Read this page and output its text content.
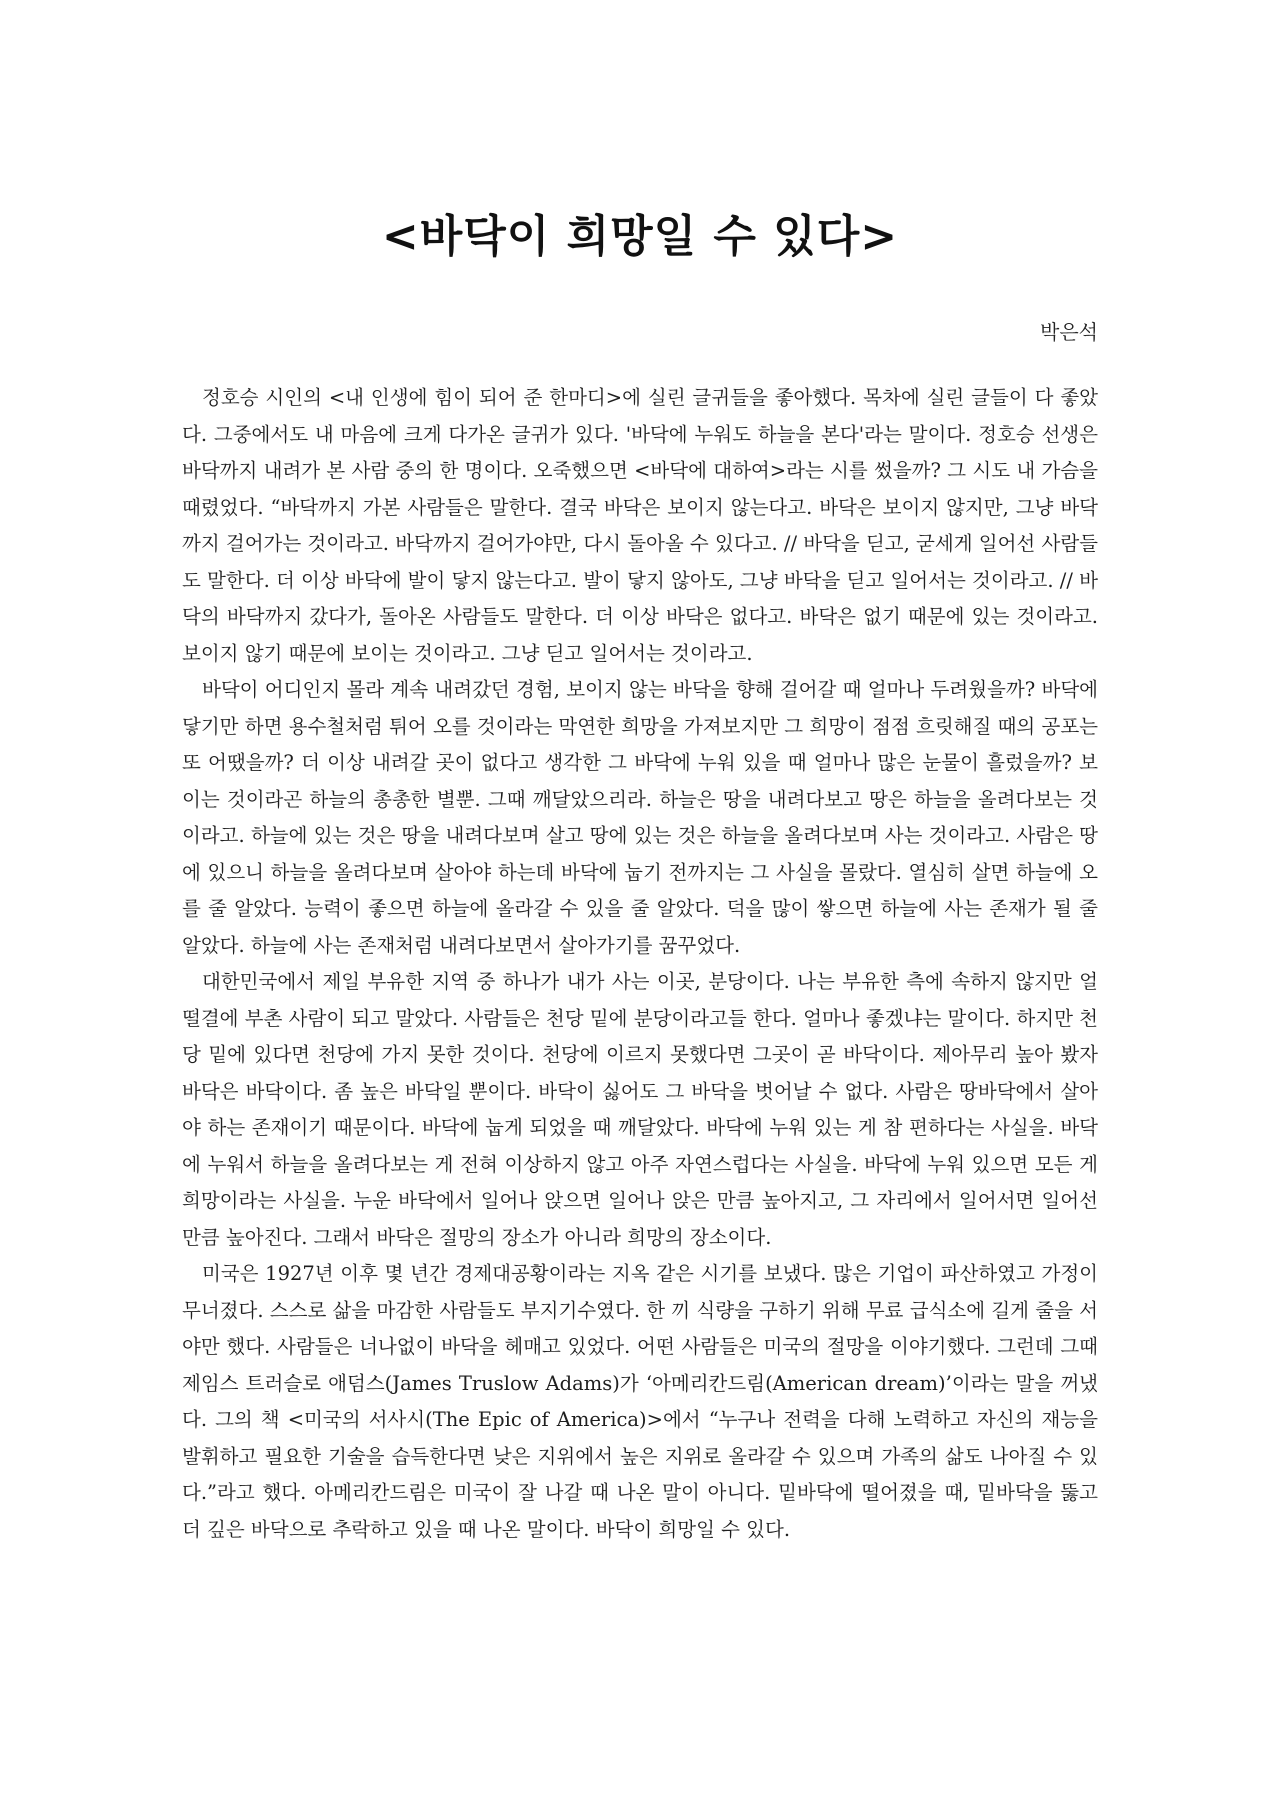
<바닥이 희망일 수 있다>

박은석

정호승 시인의 <내 인생에 힘이 되어 준 한마디>에 실린 글귀들을 좋아했다. 목차에 실린 글들이 다 좋았다. 그중에서도 내 마음에 크게 다가온 글귀가 있다. '바닥에 누워도 하늘을 본다'라는 말이다. 정호승 선생은 바닥까지 내려가 본 사람 중의 한 명이다. 오죽했으면 <바닥에 대하여>라는 시를 썼을까? 그 시도 내 가슴을 때렸었다. “바닥까지 가본 사람들은 말한다. 결국 바닥은 보이지 않는다고. 바닥은 보이지 않지만, 그냥 바닥까지 걸어가는 것이라고. 바닥까지 걸어가야만, 다시 돌아올 수 있다고. // 바닥을 딛고, 굳세게 일어선 사람들도 말한다. 더 이상 바닥에 발이 닿지 않는다고. 발이 닿지 않아도, 그냥 바닥을 딛고 일어서는 것이라고. // 바닥의 바닥까지 갔다가, 돌아온 사람들도 말한다. 더 이상 바닥은 없다고. 바닥은 없기 때문에 있는 것이라고. 보이지 않기 때문에 보이는 것이라고. 그냥 딛고 일어서는 것이라고.

바닥이 어디인지 몰라 계속 내려갔던 경험, 보이지 않는 바닥을 향해 걸어갈 때 얼마나 두려웠을까? 바닥에 닿기만 하면 용수철처럼 튀어 오를 것이라는 막연한 희망을 가져보지만 그 희망이 점점 흐릿해질 때의 공포는 또 어땠을까? 더 이상 내려갈 곳이 없다고 생각한 그 바닥에 누워 있을 때 얼마나 많은 눈물이 흘렀을까? 보이는 것이라곤 하늘의 총총한 별뿐. 그때 깨달았으리라. 하늘은 땅을 내려다보고 땅은 하늘을 올려다보는 것이라고. 하늘에 있는 것은 땅을 내려다보며 살고 땅에 있는 것은 하늘을 올려다보며 사는 것이라고. 사람은 땅에 있으니 하늘을 올려다보며 살아야 하는데 바닥에 눕기 전까지는 그 사실을 몰랐다. 열심히 살면 하늘에 오를 줄 알았다. 능력이 좋으면 하늘에 올라갈 수 있을 줄 알았다. 덕을 많이 쌓으면 하늘에 사는 존재가 될 줄 알았다. 하늘에 사는 존재처럼 내려다보면서 살아가기를 꿈꾸었다.

대한민국에서 제일 부유한 지역 중 하나가 내가 사는 이곳, 분당이다. 나는 부유한 측에 속하지 않지만 얼떨결에 부촌 사람이 되고 말았다. 사람들은 천당 밑에 분당이라고들 한다. 얼마나 좋겠냐는 말이다. 하지만 천당 밑에 있다면 천당에 가지 못한 것이다. 천당에 이르지 못했다면 그곳이 곧 바닥이다. 제아무리 높아 봤자 바닥은 바닥이다. 좀 높은 바닥일 뿐이다. 바닥이 싫어도 그 바닥을 벗어날 수 없다. 사람은 땅바닥에서 살아야 하는 존재이기 때문이다. 바닥에 눕게 되었을 때 깨달았다. 바닥에 누워 있는 게 참 편하다는 사실을. 바닥에 누워서 하늘을 올려다보는 게 전혀 이상하지 않고 아주 자연스럽다는 사실을. 바닥에 누워 있으면 모든 게 희망이라는 사실을. 누운 바닥에서 일어나 앉으면 일어나 앉은 만큼 높아지고, 그 자리에서 일어서면 일어선 만큼 높아진다. 그래서 바닥은 절망의 장소가 아니라 희망의 장소이다.

미국은 1927년 이후 몇 년간 경제대공황이라는 지옥 같은 시기를 보냈다. 많은 기업이 파산하였고 가정이 무너졌다. 스스로 삶을 마감한 사람들도 부지기수였다. 한 끼 식량을 구하기 위해 무료 급식소에 길게 줄을 서야만 했다. 사람들은 너나없이 바닥을 헤매고 있었다. 어떤 사람들은 미국의 절망을 이야기했다. 그런데 그때 제임스 트러슬로 애덤스(James Truslow Adams)가 ‘아메리칸드림(American dream)’이라는 말을 꺼냈다. 그의 책 <미국의 서사시(The Epic of America)>에서 “누구나 전력을 다해 노력하고 자신의 재능을 발휘하고 필요한 기술을 습득한다면 낮은 지위에서 높은 지위로 올라갈 수 있으며 가족의 삶도 나아질 수 있다.”라고 했다. 아메리칸드림은 미국이 잘 나갈 때 나온 말이 아니다. 밑바닥에 떨어졌을 때, 밑바닥을 뚫고 더 깊은 바닥으로 추락하고 있을 때 나온 말이다. 바닥이 희망일 수 있다.
